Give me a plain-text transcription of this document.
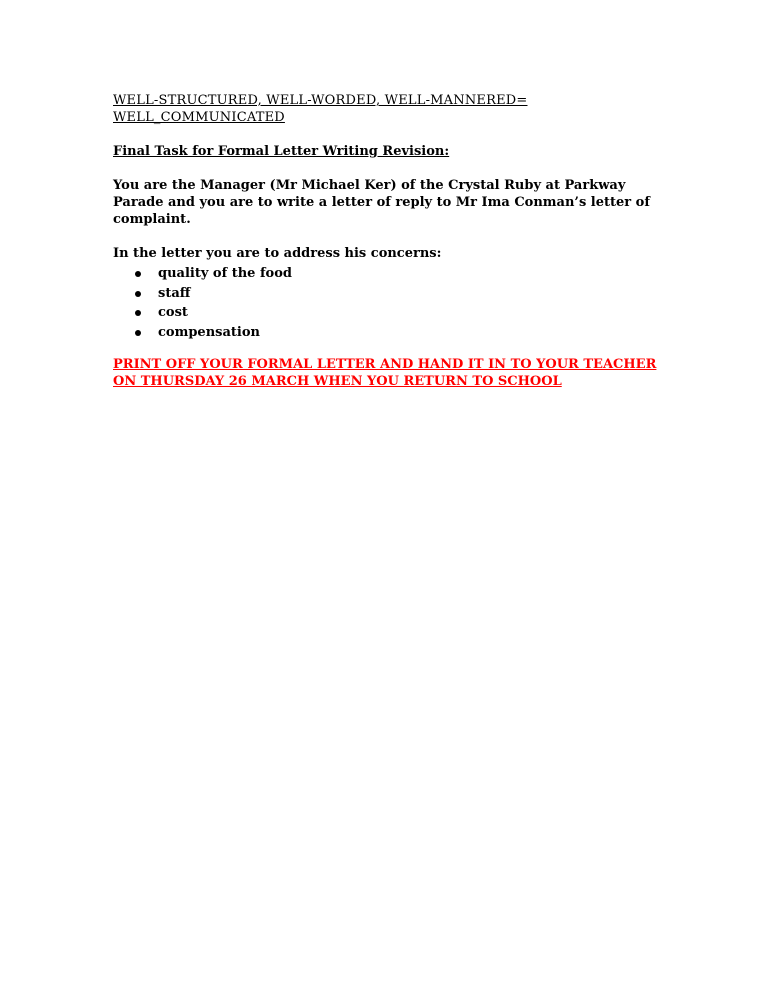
WELL-STRUCTURED, WELL-WORDED, WELL-MANNERED=
WELL_COMMUNICATED

Final Task for Formal Letter Writing Revision:

You are the Manager (Mr Michael Ker) of the Crystal Ruby at Parkway Parade and you are to write a letter of reply to Mr Ima Conman’s letter of complaint.

In the letter you are to address his concerns:

quality of the food
staff
cost
compensation

PRINT OFF YOUR FORMAL LETTER AND HAND IT IN TO YOUR TEACHER
ON THURSDAY 26 MARCH WHEN YOU RETURN TO SCHOOL
